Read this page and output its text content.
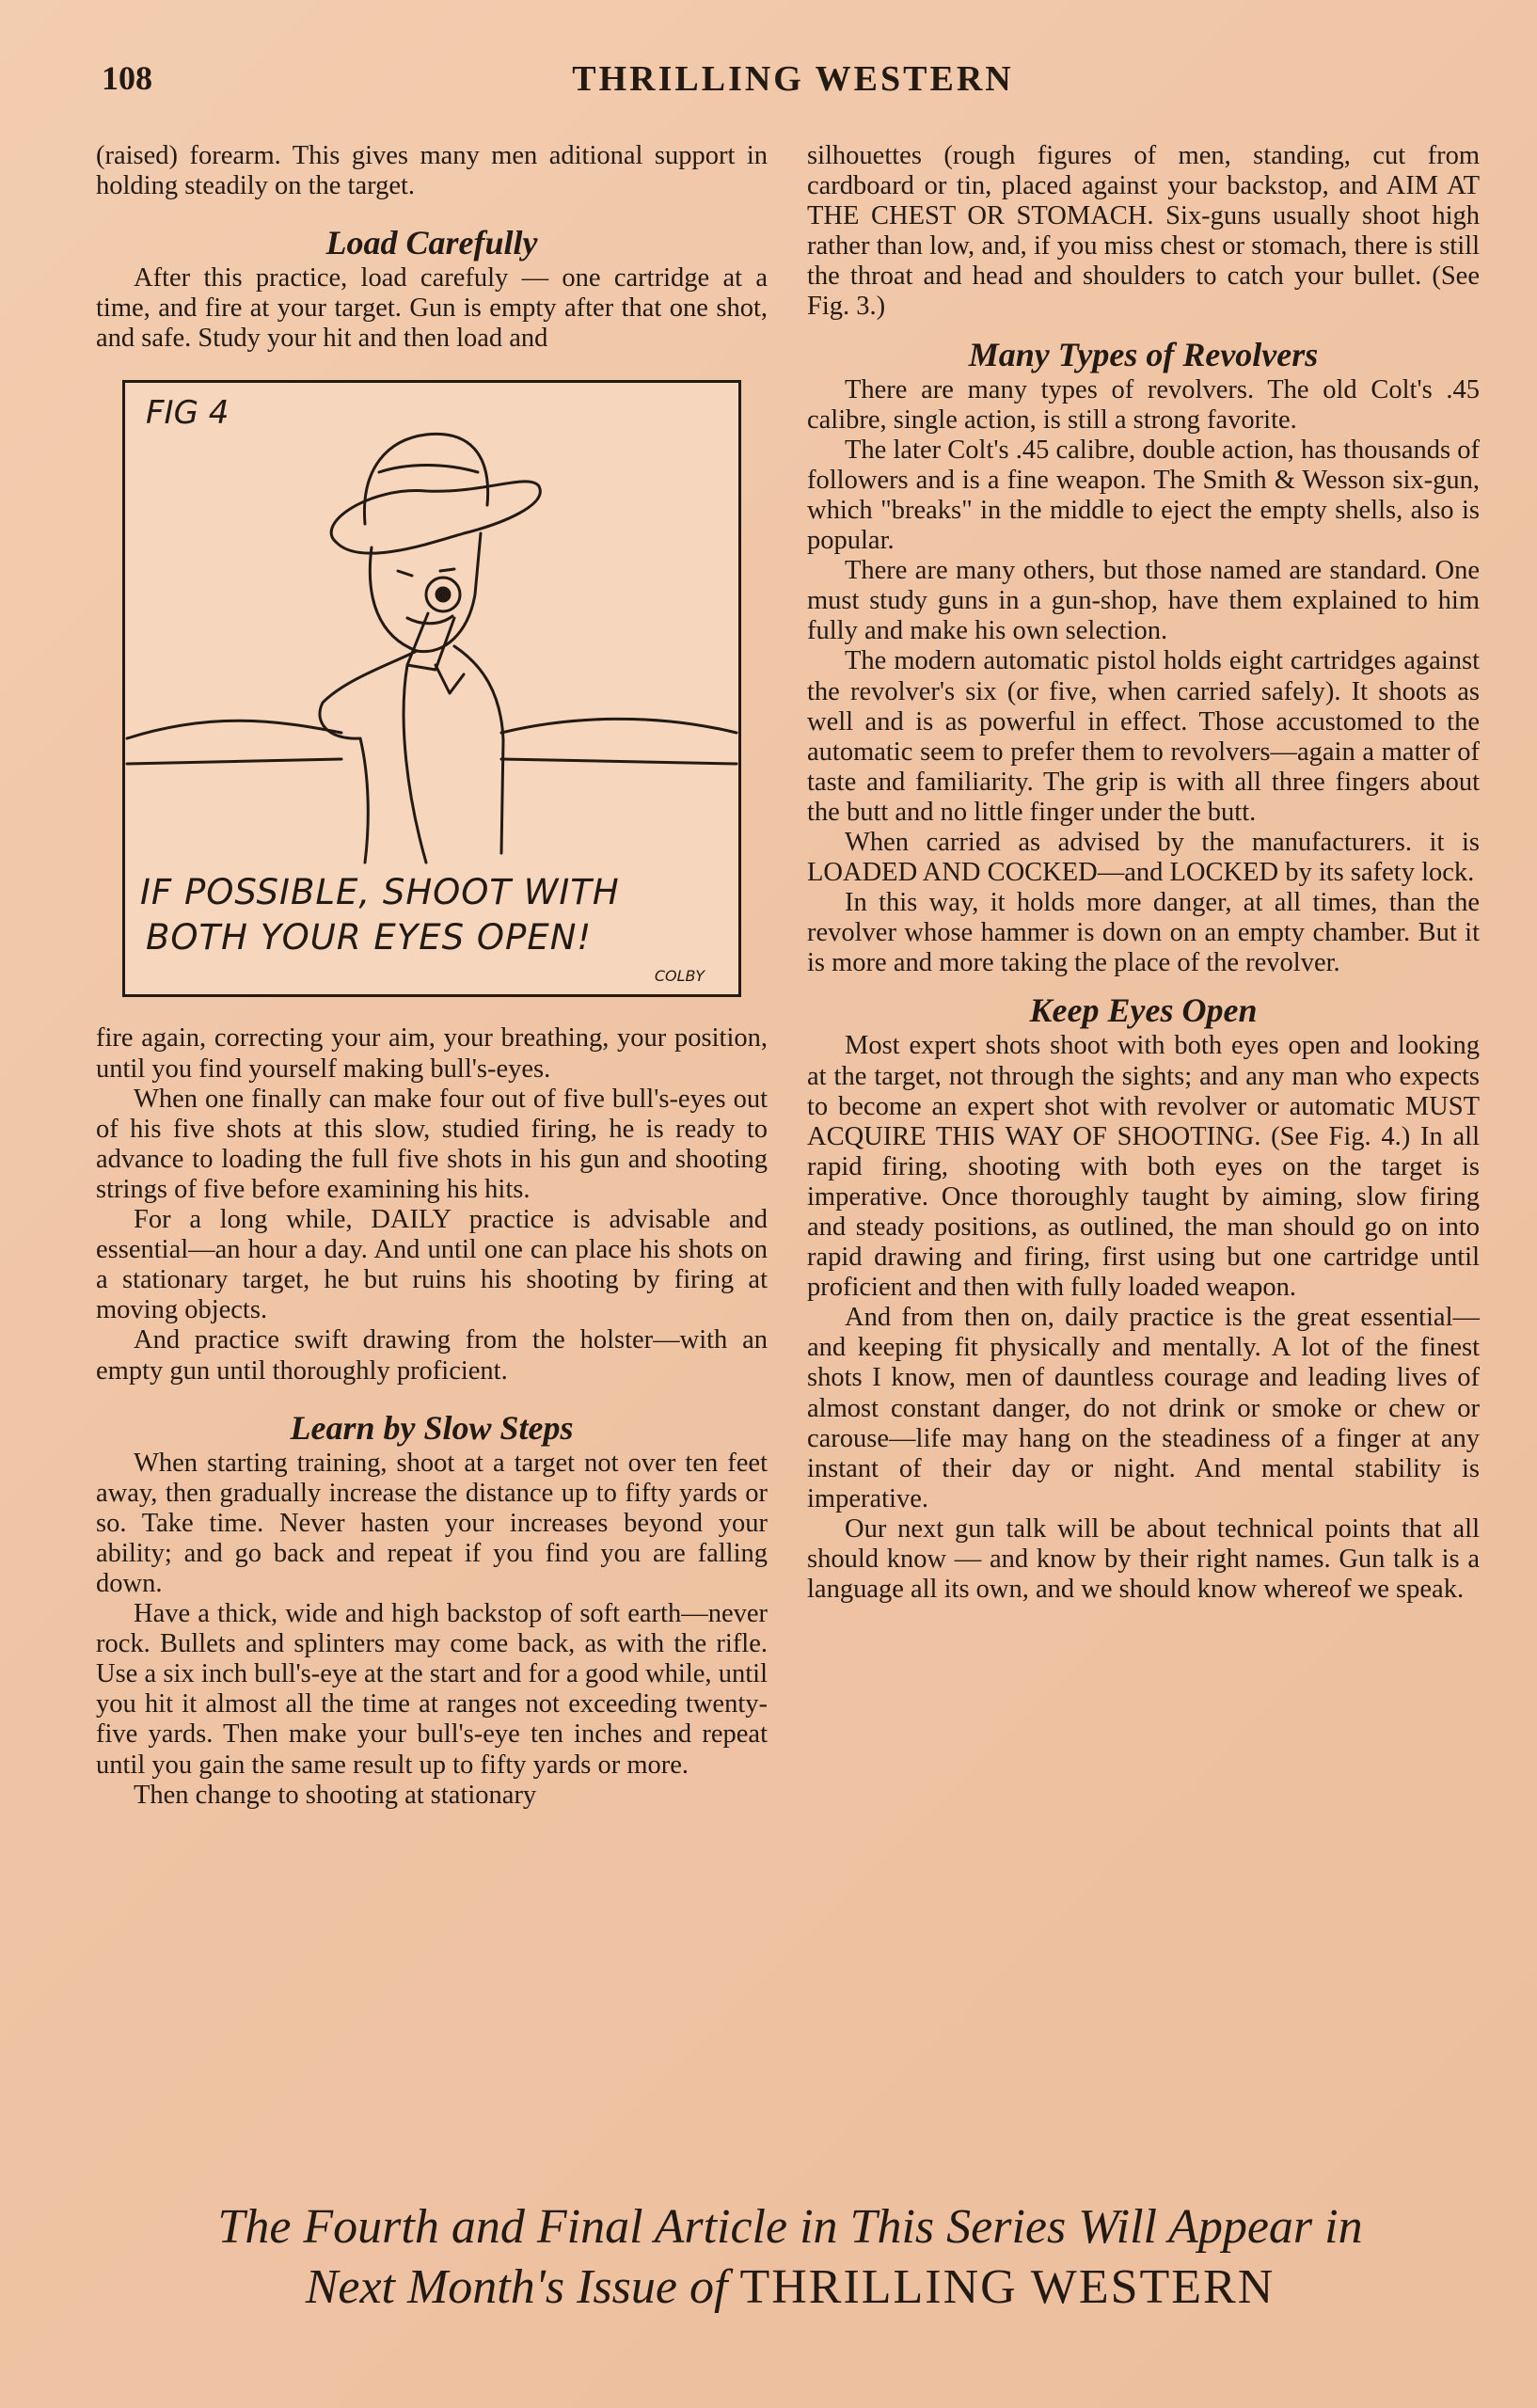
108	THRILLING WESTERN

(raised) forearm. This gives many men aditional support in holding steadily on the target.

Load Carefully

After this practice, load carefuly — one cartridge at a time, and fire at your target. Gun is empty after that one shot, and safe. Study your hit and then load and

FIG 4
IF POSSIBLE, SHOOT WITH
BOTH YOUR EYES OPEN!
COLBY

fire again, correcting your aim, your breathing, your position, until you find yourself making bull's-eyes.

When one finally can make four out of five bull's-eyes out of his five shots at this slow, studied firing, he is ready to advance to loading the full five shots in his gun and shooting strings of five before examining his hits.

For a long while, DAILY practice is advisable and essential—an hour a day. And until one can place his shots on a stationary target, he but ruins his shooting by firing at moving objects.

And practice swift drawing from the holster—with an empty gun until thoroughly proficient.

Learn by Slow Steps

When starting training, shoot at a target not over ten feet away, then gradually increase the distance up to fifty yards or so. Take time. Never hasten your increases beyond your ability; and go back and repeat if you find you are falling down.

Have a thick, wide and high backstop of soft earth—never rock. Bullets and splinters may come back, as with the rifle. Use a six inch bull's-eye at the start and for a good while, until you hit it almost all the time at ranges not exceeding twenty-five yards. Then make your bull's-eye ten inches and repeat until you gain the same result up to fifty yards or more.

Then change to shooting at stationary

silhouettes (rough figures of men, standing, cut from cardboard or tin, placed against your backstop, and AIM AT THE CHEST OR STOMACH. Six-guns usually shoot high rather than low, and, if you miss chest or stomach, there is still the throat and head and shoulders to catch your bullet. (See Fig. 3.)

Many Types of Revolvers

There are many types of revolvers. The old Colt's .45 calibre, single action, is still a strong favorite.

The later Colt's .45 calibre, double action, has thousands of followers and is a fine weapon. The Smith & Wesson six-gun, which "breaks" in the middle to eject the empty shells, also is popular.

There are many others, but those named are standard. One must study guns in a gun-shop, have them explained to him fully and make his own selection.

The modern automatic pistol holds eight cartridges against the revolver's six (or five, when carried safely). It shoots as well and is as powerful in effect. Those accustomed to the automatic seem to prefer them to revolvers—again a matter of taste and familiarity. The grip is with all three fingers about the butt and no little finger under the butt.

When carried as advised by the manufacturers. it is LOADED AND COCKED—and LOCKED by its safety lock.

In this way, it holds more danger, at all times, than the revolver whose hammer is down on an empty chamber. But it is more and more taking the place of the revolver.

Keep Eyes Open

Most expert shots shoot with both eyes open and looking at the target, not through the sights; and any man who expects to become an expert shot with revolver or automatic MUST ACQUIRE THIS WAY OF SHOOTING. (See Fig. 4.) In all rapid firing, shooting with both eyes on the target is imperative. Once thoroughly taught by aiming, slow firing and steady positions, as outlined, the man should go on into rapid drawing and firing, first using but one cartridge until proficient and then with fully loaded weapon.

And from then on, daily practice is the great essential—and keeping fit physically and mentally. A lot of the finest shots I know, men of dauntless courage and leading lives of almost constant danger, do not drink or smoke or chew or carouse—life may hang on the steadiness of a finger at any instant of their day or night. And mental stability is imperative.

Our next gun talk will be about technical points that all should know — and know by their right names. Gun talk is a language all its own, and we should know whereof we speak.

The Fourth and Final Article in This Series Will Appear in
Next Month's Issue of THRILLING WESTERN
